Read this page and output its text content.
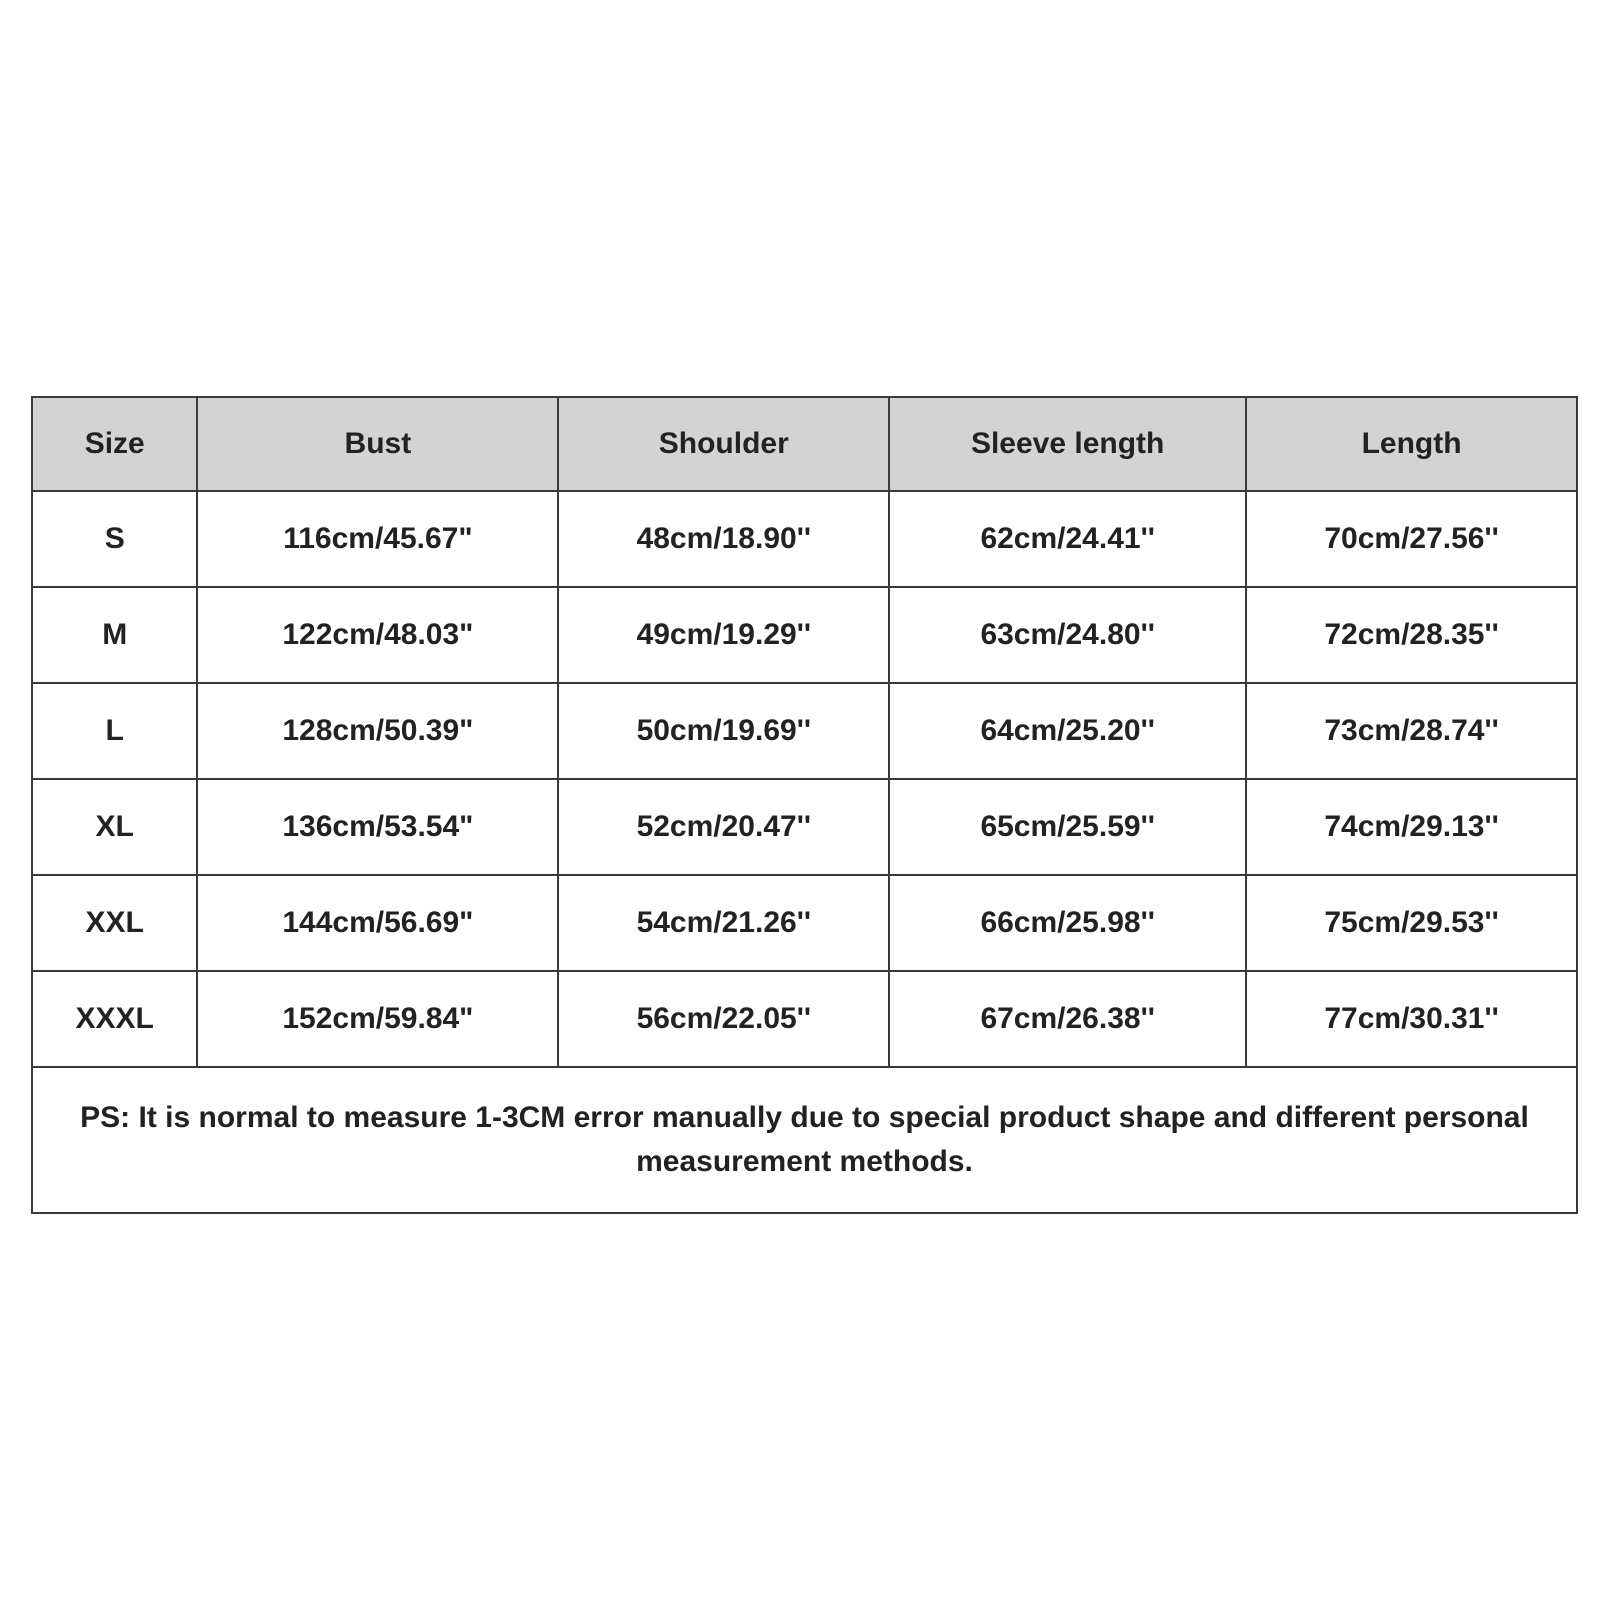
Size	Bust	Shoulder	Sleeve length	Length
S	116cm/45.67"	48cm/18.90''	62cm/24.41''	70cm/27.56''
M	122cm/48.03"	49cm/19.29''	63cm/24.80''	72cm/28.35''
L	128cm/50.39"	50cm/19.69''	64cm/25.20''	73cm/28.74''
XL	136cm/53.54"	52cm/20.47''	65cm/25.59''	74cm/29.13''
XXL	144cm/56.69"	54cm/21.26''	66cm/25.98''	75cm/29.53''
XXXL	152cm/59.84"	56cm/22.05''	67cm/26.38''	77cm/30.31''
PS: It is normal to measure 1-3CM error manually due to special product shape and different personal measurement methods.				
